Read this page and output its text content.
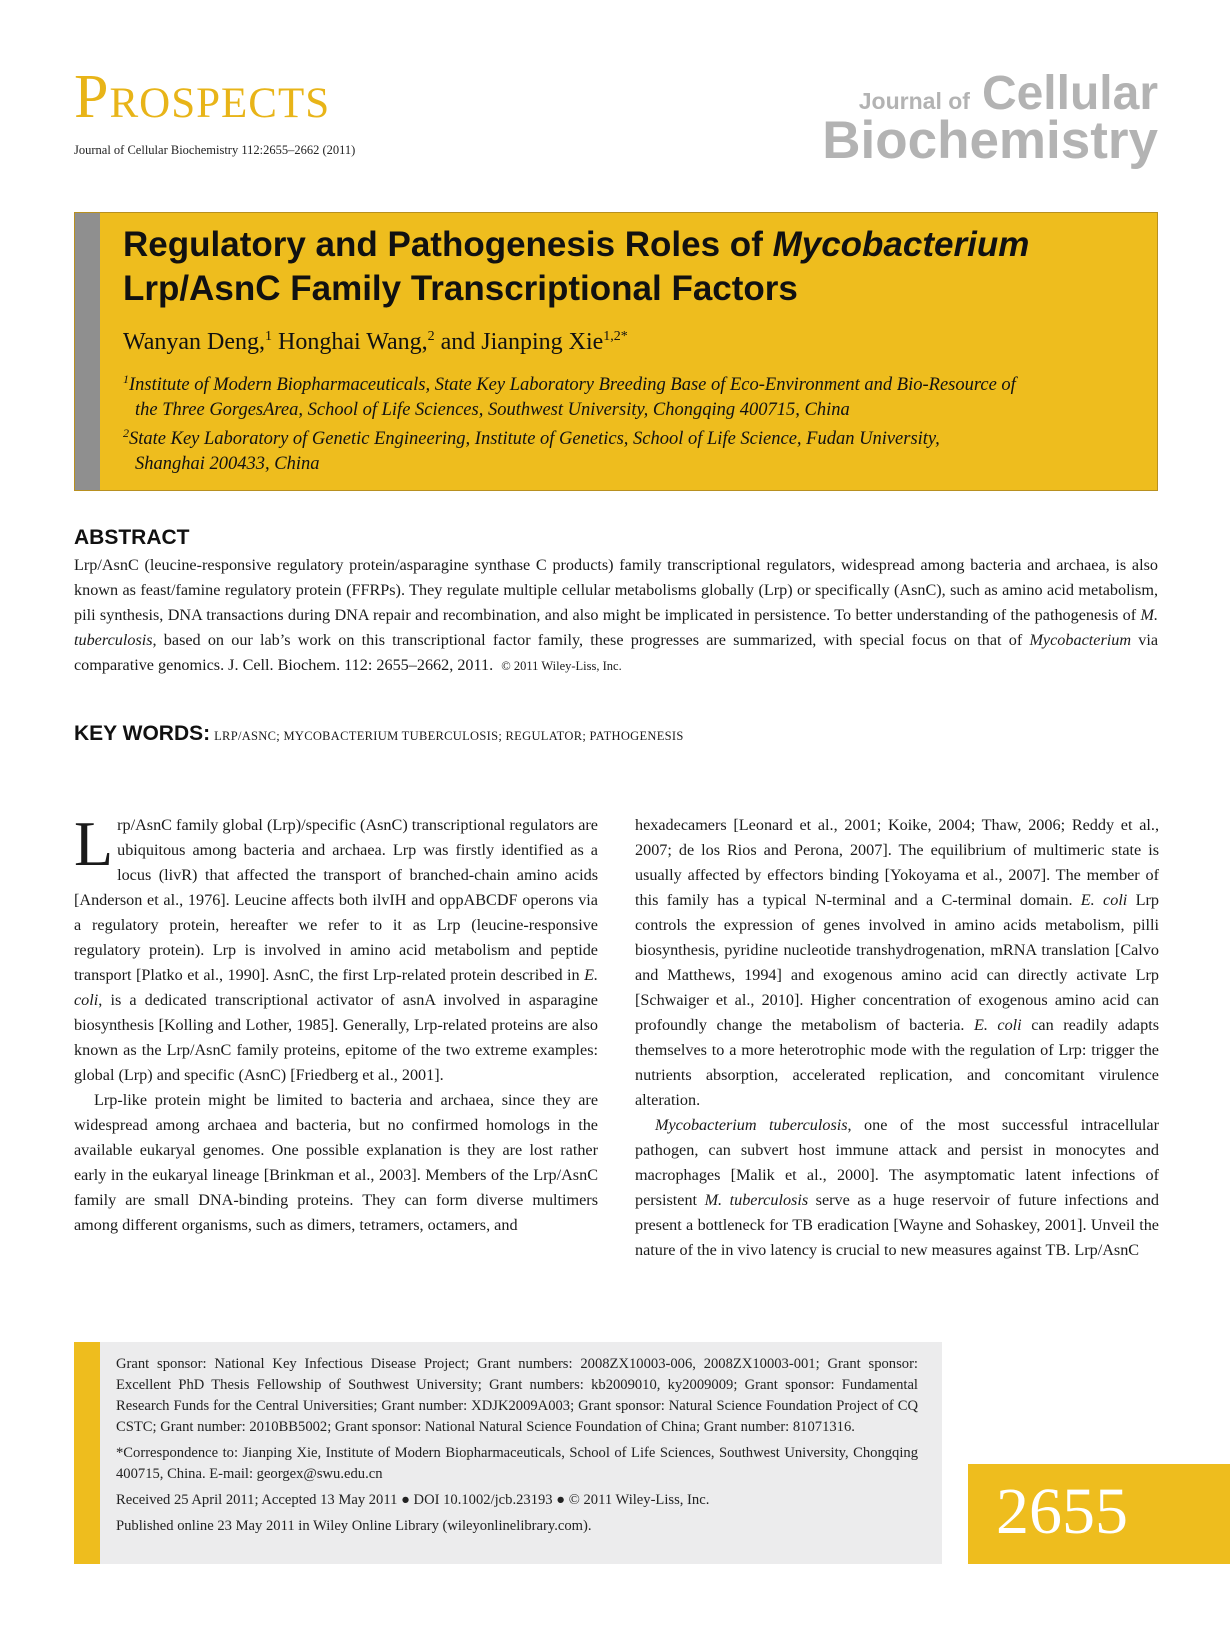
Prospects
Journal of Cellular Biochemistry 112:2655–2662 (2011)
Journal of Cellular
Biochemistry
Regulatory and Pathogenesis Roles of Mycobacterium
Lrp/AsnC Family Transcriptional Factors
Wanyan Deng,$^1$ Honghai Wang,$^2$ and Jianping Xie$^{1,2*}$
$^1$Institute of Modern Biopharmaceuticals, State Key Laboratory Breeding Base of Eco-Environment and Bio-Resource of
the Three GorgesArea, School of Life Sciences, Southwest University, Chongqing 400715, China
$^2$State Key Laboratory of Genetic Engineering, Institute of Genetics, School of Life Science, Fudan University,
Shanghai 200433, China
ABSTRACT
Lrp/AsnC (leucine-responsive regulatory protein/asparagine synthase C products) family transcriptional regulators, widespread among bacteria and archaea, is also known as feast/famine regulatory protein (FFRPs). They regulate multiple cellular metabolisms globally (Lrp) or specifically (AsnC), such as amino acid metabolism, pili synthesis, DNA transactions during DNA repair and recombination, and also might be implicated in persistence. To better understanding of the pathogenesis of M. tuberculosis, based on our lab’s work on this transcriptional factor family, these progresses are summarized, with special focus on that of Mycobacterium via comparative genomics. J. Cell. Biochem. 112: 2655–2662, 2011. © 2011 Wiley-Liss, Inc.
KEY WORDS: LRP/ASNC; MYCOBACTERIUM TUBERCULOSIS; REGULATOR; PATHOGENESIS

Lrp/AsnC family global (Lrp)/specific (AsnC) transcriptional regulators are ubiquitous among bacteria and archaea. Lrp was firstly identified as a locus (livR) that affected the transport of branched-chain amino acids [Anderson et al., 1976]. Leucine affects both ilvIH and oppABCDF operons via a regulatory protein, hereafter we refer to it as Lrp (leucine-responsive regulatory protein). Lrp is involved in amino acid metabolism and peptide transport [Platko et al., 1990]. AsnC, the first Lrp-related protein described in E. coli, is a dedicated transcriptional activator of asnA involved in asparagine biosynthesis [Kolling and Lother, 1985]. Generally, Lrp-related proteins are also known as the Lrp/AsnC family proteins, epitome of the two extreme examples: global (Lrp) and specific (AsnC) [Friedberg et al., 2001].

Lrp-like protein might be limited to bacteria and archaea, since they are widespread among archaea and bacteria, but no confirmed homologs in the available eukaryal genomes. One possible explanation is they are lost rather early in the eukaryal lineage [Brinkman et al., 2003]. Members of the Lrp/AsnC family are small DNA-binding proteins. They can form diverse multimers among different organisms, such as dimers, tetramers, octamers, and

hexadecamers [Leonard et al., 2001; Koike, 2004; Thaw, 2006; Reddy et al., 2007; de los Rios and Perona, 2007]. The equilibrium of multimeric state is usually affected by effectors binding [Yokoyama et al., 2007]. The member of this family has a typical N-terminal and a C-terminal domain. E. coli Lrp controls the expression of genes involved in amino acids metabolism, pilli biosynthesis, pyridine nucleotide transhydrogenation, mRNA translation [Calvo and Matthews, 1994] and exogenous amino acid can directly activate Lrp [Schwaiger et al., 2010]. Higher concentration of exogenous amino acid can profoundly change the metabolism of bacteria. E. coli can readily adapts themselves to a more heterotrophic mode with the regulation of Lrp: trigger the nutrients absorption, accelerated replication, and concomitant virulence alteration.

Mycobacterium tuberculosis, one of the most successful intracellular pathogen, can subvert host immune attack and persist in monocytes and macrophages [Malik et al., 2000]. The asymptomatic latent infections of persistent M. tuberculosis serve as a huge reservoir of future infections and present a bottleneck for TB eradication [Wayne and Sohaskey, 2001]. Unveil the nature of the in vivo latency is crucial to new measures against TB. Lrp/AsnC

Grant sponsor: National Key Infectious Disease Project; Grant numbers: 2008ZX10003-006, 2008ZX10003-001; Grant sponsor: Excellent PhD Thesis Fellowship of Southwest University; Grant numbers: kb2009010, ky2009009; Grant sponsor: Fundamental Research Funds for the Central Universities; Grant number: XDJK2009A003; Grant sponsor: Natural Science Foundation Project of CQ CSTC; Grant number: 2010BB5002; Grant sponsor: National Natural Science Foundation of China; Grant number: 81071316.

*Correspondence to: Jianping Xie, Institute of Modern Biopharmaceuticals, School of Life Sciences, Southwest University, Chongqing 400715, China. E-mail: georgex@swu.edu.cn

Received 25 April 2011; Accepted 13 May 2011 ● DOI 10.1002/jcb.23193 ● © 2011 Wiley-Liss, Inc.

Published online 23 May 2011 in Wiley Online Library (wileyonlinelibrary.com).	2655
